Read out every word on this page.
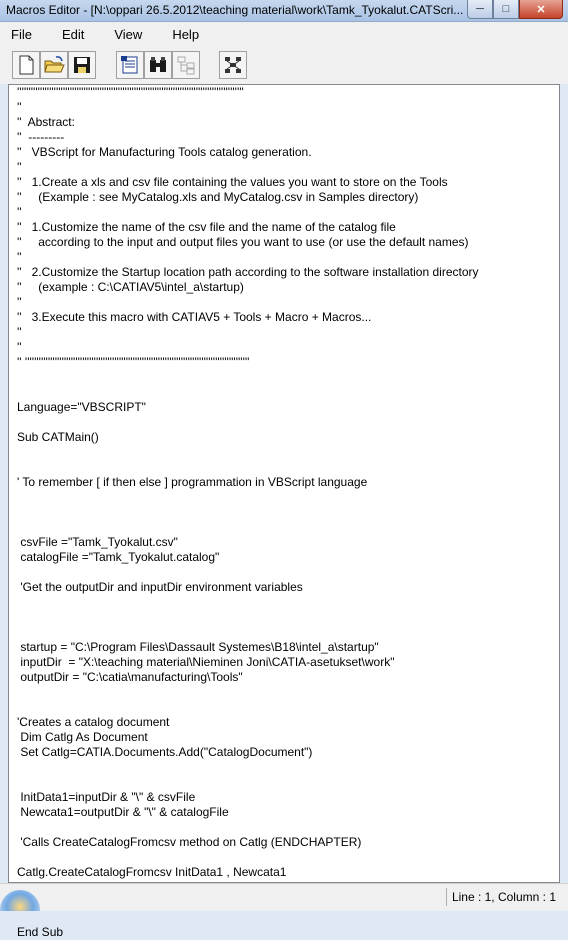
Macros Editor - [N:\oppari 26.5.2012\teaching material\work\Tamk_Tyokalut.CATScri... ─ □ ✕
File	Edit	View	Help
'''''''''''''''''''''''''''''''''''''''''''''''''''''''''''''''''''''''''''''''''''''''''''''''''''
''
''  Abstract:
''  ---------
''   VBScript for Manufacturing Tools catalog generation.
''
''   1.Create a xls and csv file containing the values you want to store on the Tools
''     (Example : see MyCatalog.xls and MyCatalog.csv in Samples directory)
''
''   1.Customize the name of the csv file and the name of the catalog file
''     according to the input and output files you want to use (or use the default names)
''
''   2.Customize the Startup location path according to the software installation directory
''     (example : C:\CATIAV5\intel_a\startup)
''
''   3.Execute this macro with CATIAV5 + Tools + Macro + Macros...
''
''
'' ''''''''''''''''''''''''''''''''''''''''''''''''''''''''''''''''''''''''''''''''''''''''''''''''''
Language="VBSCRIPT"
Sub CATMain()
' To remember [ if then else ] programmation in VBScript language
csvFile ="Tamk_Tyokalut.csv"
catalogFile ="Tamk_Tyokalut.catalog"
'Get the outputDir and inputDir environment variables
startup = "C:\Program Files\Dassault Systemes\B18\intel_a\startup"
inputDir  = "X:\teaching material\Nieminen Joni\CATIA-asetukset\work"
outputDir = "C:\catia\manufacturing\Tools"
'Creates a catalog document
Dim Catlg As Document
Set Catlg=CATIA.Documents.Add("CatalogDocument")
InitData1=inputDir & "\" & csvFile
Newcata1=outputDir & "\" & catalogFile
'Calls CreateCatalogFromcsv method on Catlg (ENDCHAPTER)
Catlg.CreateCatalogFromcsv InitData1 , Newcata1
End Sub
Line : 1, Column : 1
